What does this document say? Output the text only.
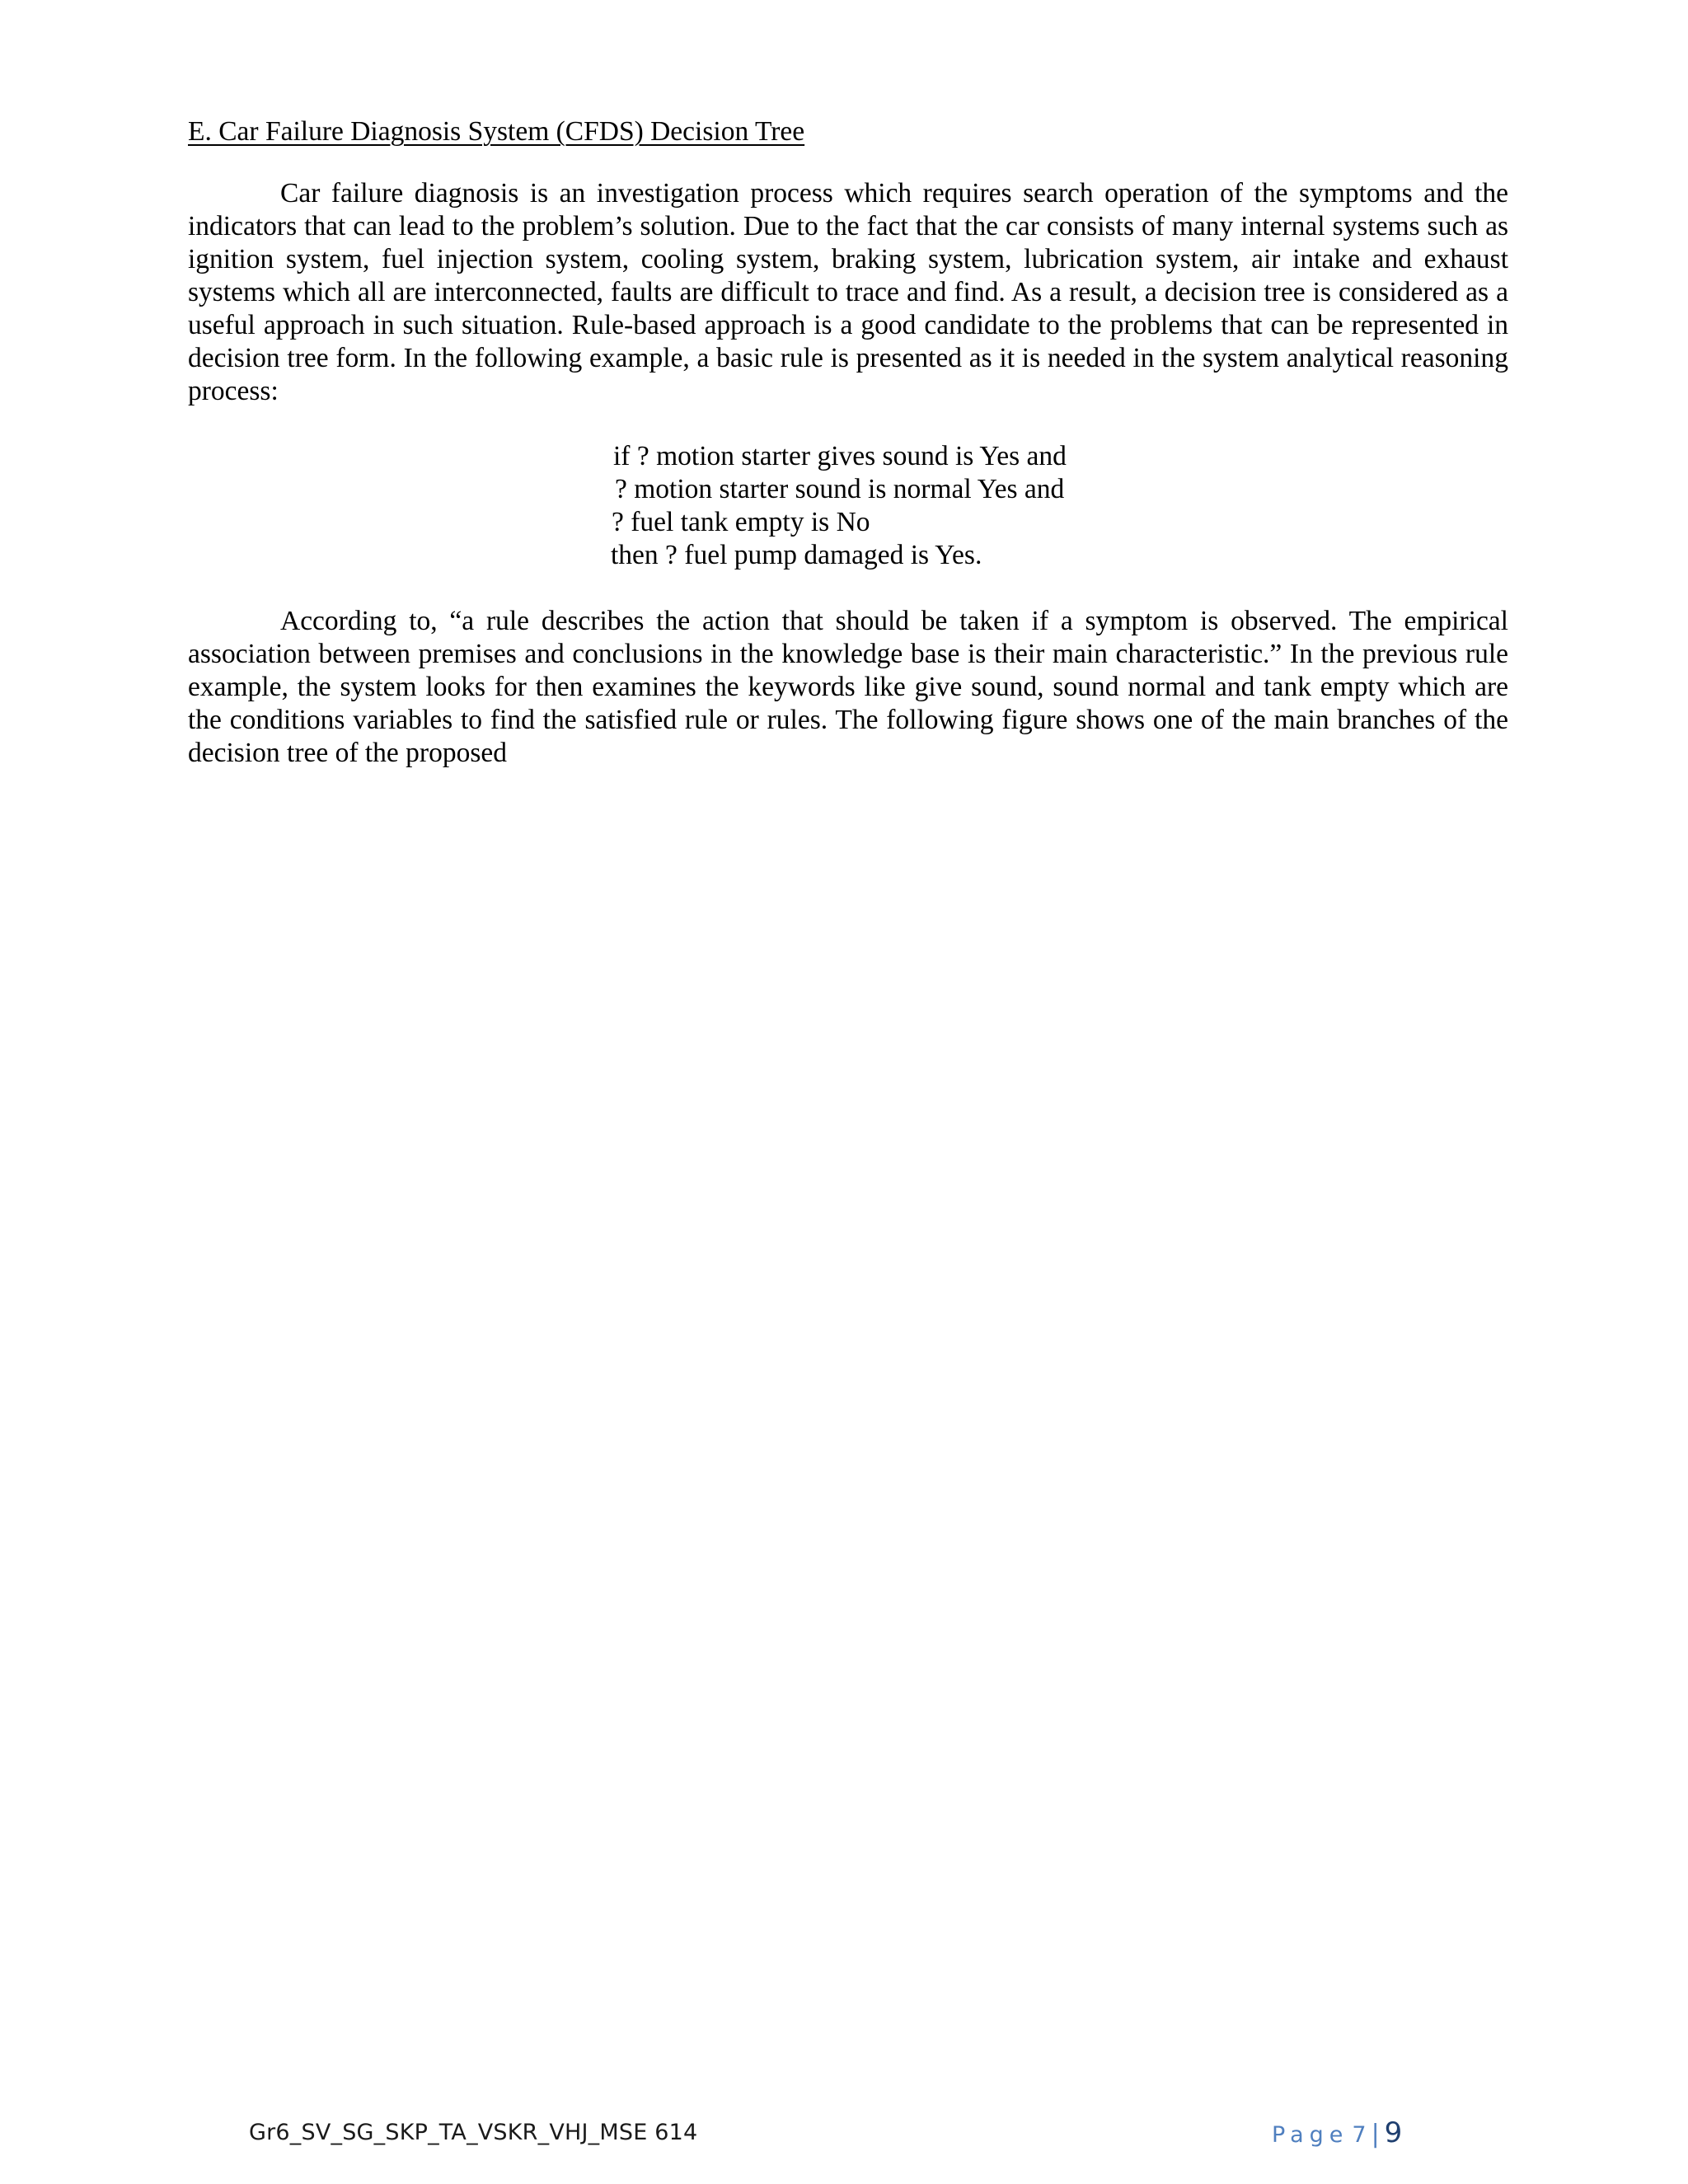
E. Car Failure Diagnosis System (CFDS) Decision Tree

Car failure diagnosis is an investigation process which requires search operation of the symptoms and the indicators that can lead to the problem’s solution. Due to the fact that the car consists of many internal systems such as ignition system, fuel injection system, cooling system, braking system, lubrication system, air intake and exhaust systems which all are interconnected, faults are difficult to trace and find. As a result, a decision tree is considered as a useful approach in such situation. Rule-based approach is a good candidate to the problems that can be represented in decision tree form. In the following example, a basic rule is presented as it is needed in the system analytical reasoning process:

if ? motion starter gives sound is Yes and
? motion starter sound is normal Yes and
? fuel tank empty is No
then ? fuel pump damaged is Yes.

According to, “a rule describes the action that should be taken if a symptom is observed. The empirical association between premises and conclusions in the knowledge base is their main characteristic.” In the previous rule example, the system looks for then examines the keywords like give sound, sound normal and tank empty which are the conditions variables to find the satisfied rule or rules. The following figure shows one of the main branches of the decision tree of the proposed

Gr6_SV_SG_SKP_TA_VSKR_VHJ_MSE 614	Page 7 | 9
